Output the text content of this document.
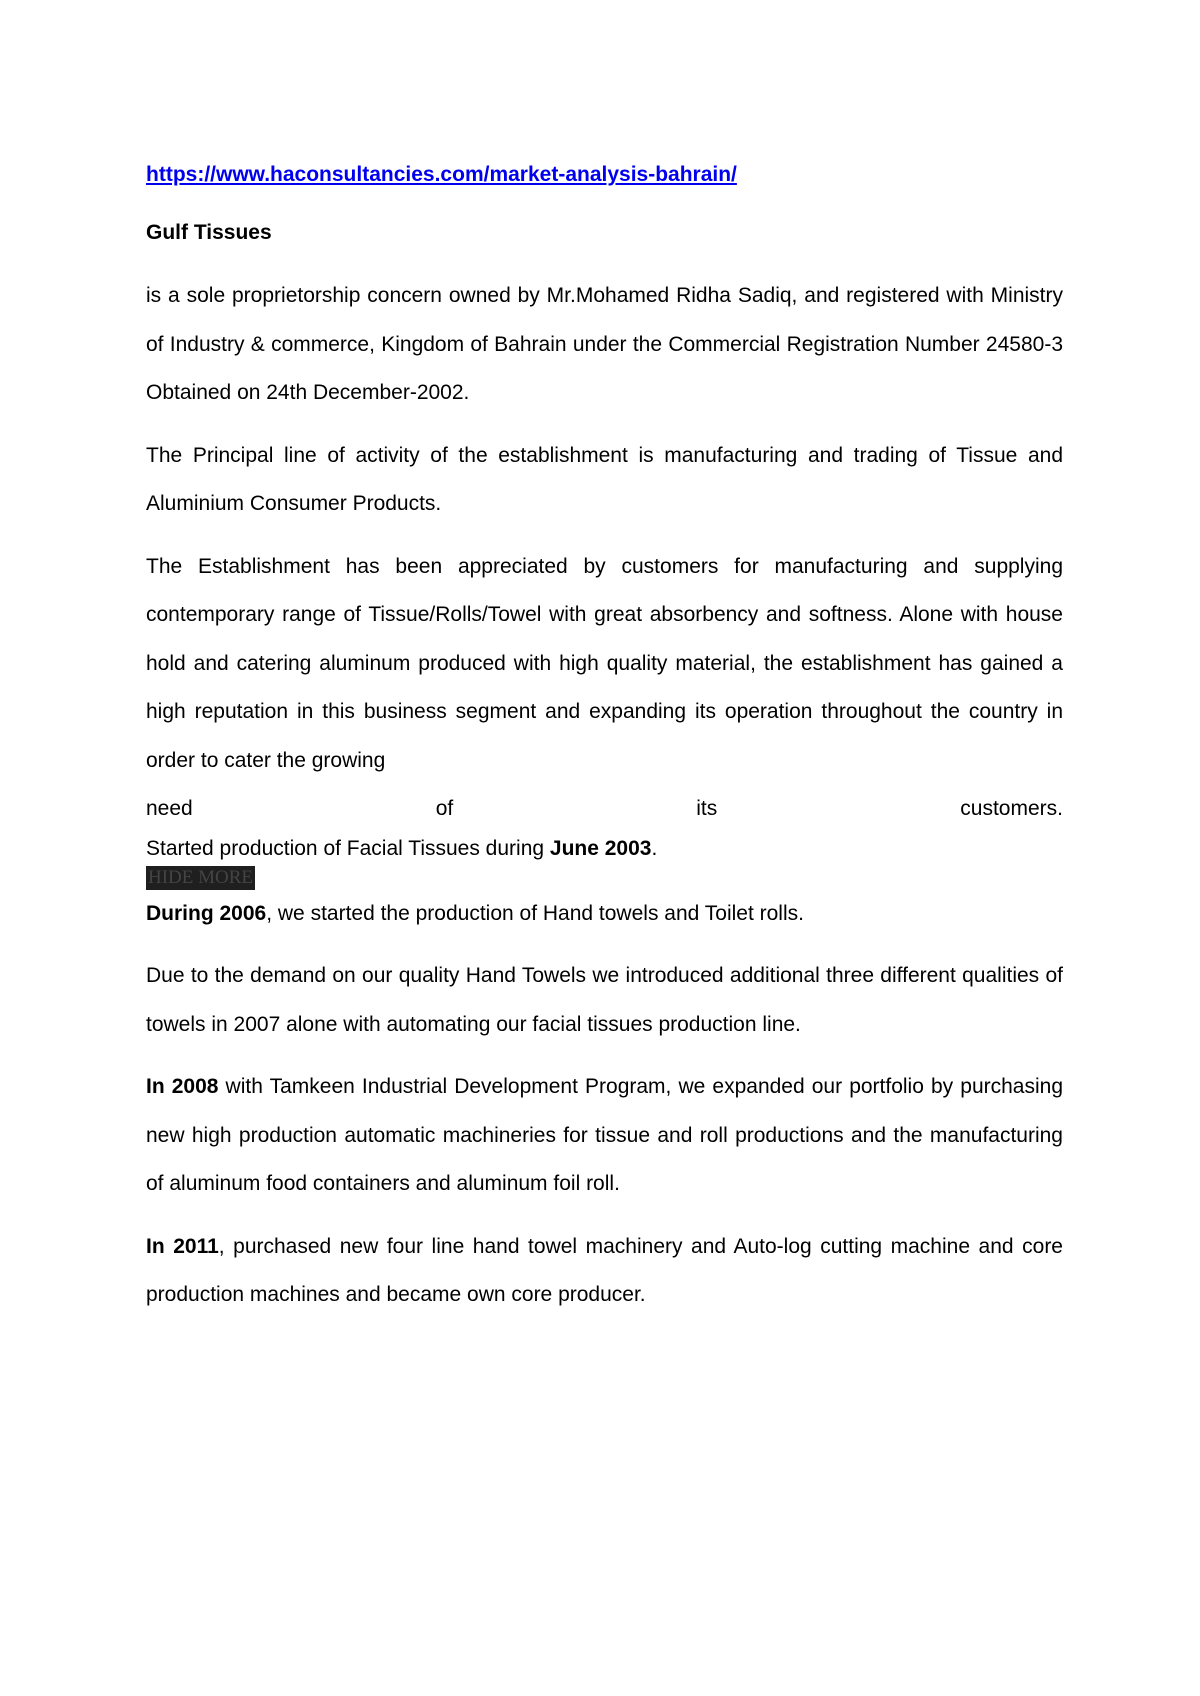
https://www.haconsultancies.com/market-analysis-bahrain/
Gulf Tissues

is a sole proprietorship concern owned by Mr.Mohamed Ridha Sadiq, and registered with Ministry of Industry & commerce, Kingdom of Bahrain under the Commercial Registration Number 24580-3 Obtained on 24th December-2002.

The Principal line of activity of the establishment is manufacturing and trading of Tissue and Aluminium Consumer Products.

The Establishment has been appreciated by customers for manufacturing and supplying contemporary range of Tissue/Rolls/Towel with great absorbency and softness. Alone with house hold and catering aluminum produced with high quality material, the establishment has gained a high reputation in this business segment and expanding its operation throughout the country in order to cater the growing

need	of	its	customers.

Started production of Facial Tissues during June 2003.

HIDE MORE

During 2006, we started the production of Hand towels and Toilet rolls.

Due to the demand on our quality Hand Towels we introduced additional three different qualities of towels in 2007 alone with automating our facial tissues production line.

In 2008 with Tamkeen Industrial Development Program, we expanded our portfolio by purchasing new high production automatic machineries for tissue and roll productions and the manufacturing of aluminum food containers and aluminum foil roll.

In 2011, purchased new four line hand towel machinery and Auto-log cutting machine and core production machines and became own core producer.
